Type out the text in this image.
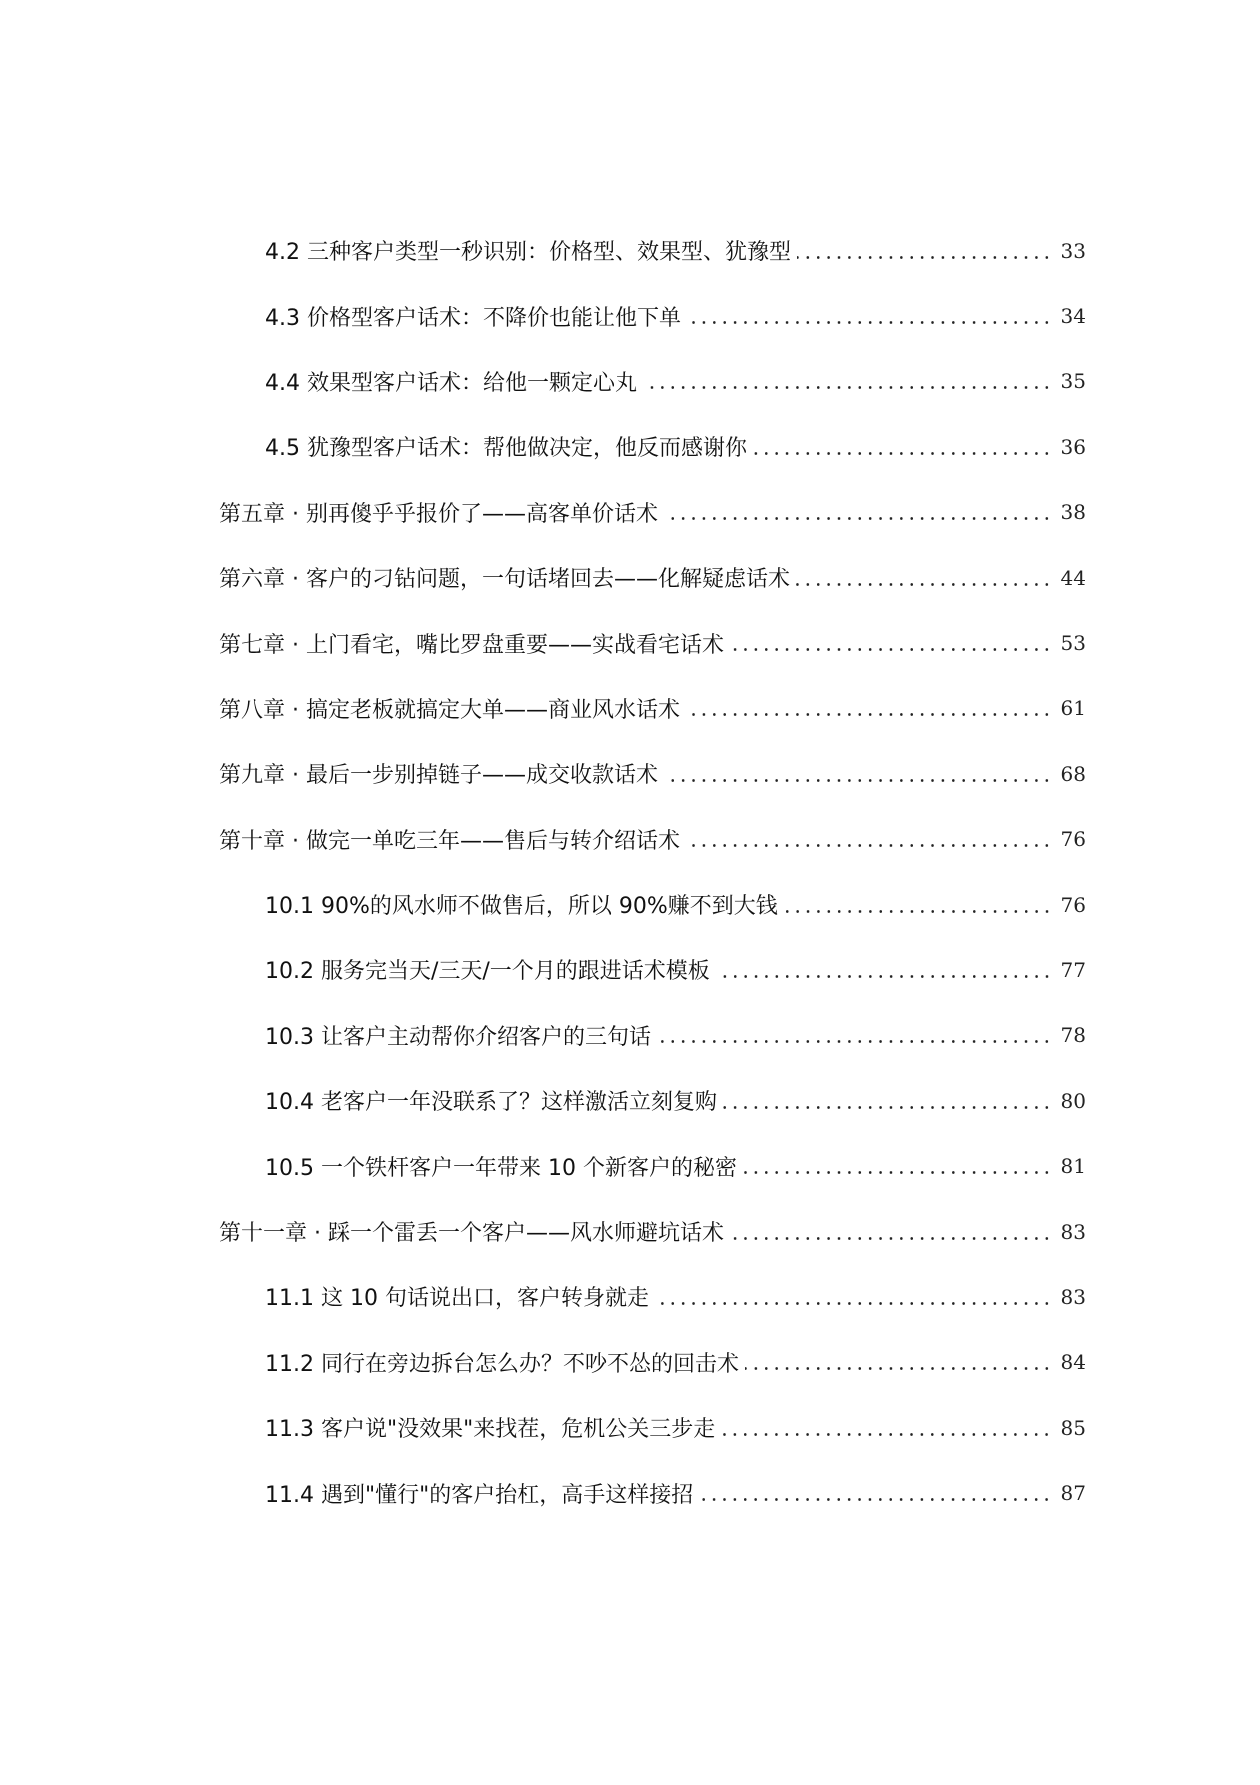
4.2 三种客户类型一秒识别：价格型、效果型、犹豫型	33
4.3 价格型客户话术：不降价也能让他下单	34
4.4 效果型客户话术：给他一颗定心丸	35
4.5 犹豫型客户话术：帮他做决定，他反而感谢你	36
第五章 · 别再傻乎乎报价了——高客单价话术	38
第六章 · 客户的刁钻问题，一句话堵回去——化解疑虑话术	44
第七章 · 上门看宅，嘴比罗盘重要——实战看宅话术	53
第八章 · 搞定老板就搞定大单——商业风水话术	61
第九章 · 最后一步别掉链子——成交收款话术	68
第十章 · 做完一单吃三年——售后与转介绍话术	76
10.1 90%的风水师不做售后，所以 90%赚不到大钱	76
10.2 服务完当天/三天/一个月的跟进话术模板	77
10.3 让客户主动帮你介绍客户的三句话	78
10.4 老客户一年没联系了？这样激活立刻复购	80
10.5 一个铁杆客户一年带来 10 个新客户的秘密	81
第十一章 · 踩一个雷丢一个客户——风水师避坑话术	83
11.1 这 10 句话说出口，客户转身就走	83
11.2 同行在旁边拆台怎么办？不吵不怂的回击术	84
11.3 客户说"没效果"来找茬，危机公关三步走	85
11.4 遇到"懂行"的客户抬杠，高手这样接招	87
